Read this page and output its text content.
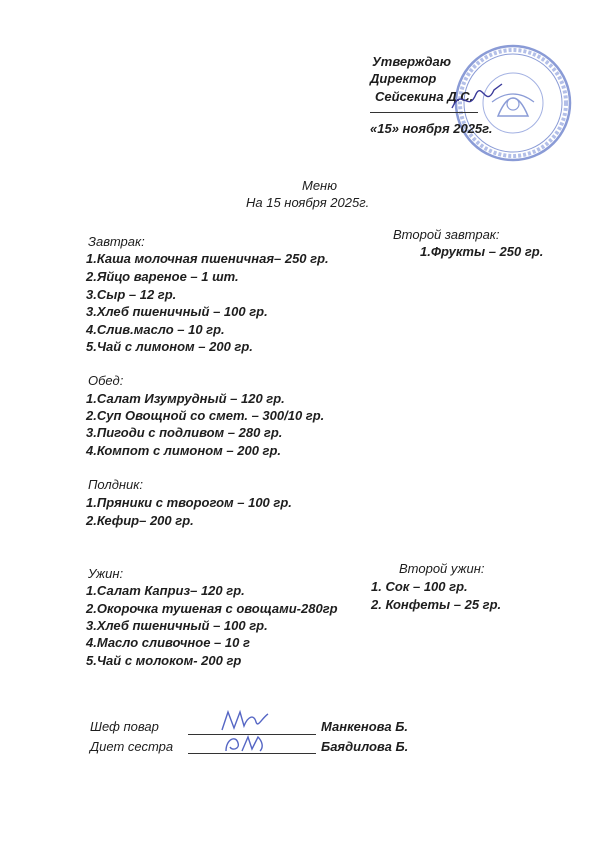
Утверждаю
Директор
Сейсекина Д.С.
«15» ноября 2025г.
Меню
На 15 ноября 2025г.
Завтрак:
1.Каша молочная пшеничная– 250 гр.
2.Яйцо вареное – 1 шт.
3.Сыр – 12 гр.
3.Хлеб пшеничный – 100 гр.
4.Слив.масло – 10 гр.
5.Чай с лимоном – 200 гр.
Второй завтрак:
1.Фрукты – 250 гр.
Обед:
1.Салат Изумрудный – 120 гр.
2.Суп Овощной со смет. – 300/10 гр.
3.Пигоди с подливом – 280 гр.
4.Компот с лимоном – 200 гр.
Полдник:
1.Пряники с творогом – 100 гр.
2.Кефир– 200 гр.
Ужин:
1.Салат Каприз– 120 гр.
2.Окорочка тушеная с овощами-280гр
3.Хлеб пшеничный – 100 гр.
4.Масло сливочное – 10 г
5.Чай с молоком- 200 гр
Второй ужин:
1. Сок – 100 гр.
2. Конфеты – 25 гр.
Шеф повар	Манкенова Б.
Диет сестра	Баядилова Б.
